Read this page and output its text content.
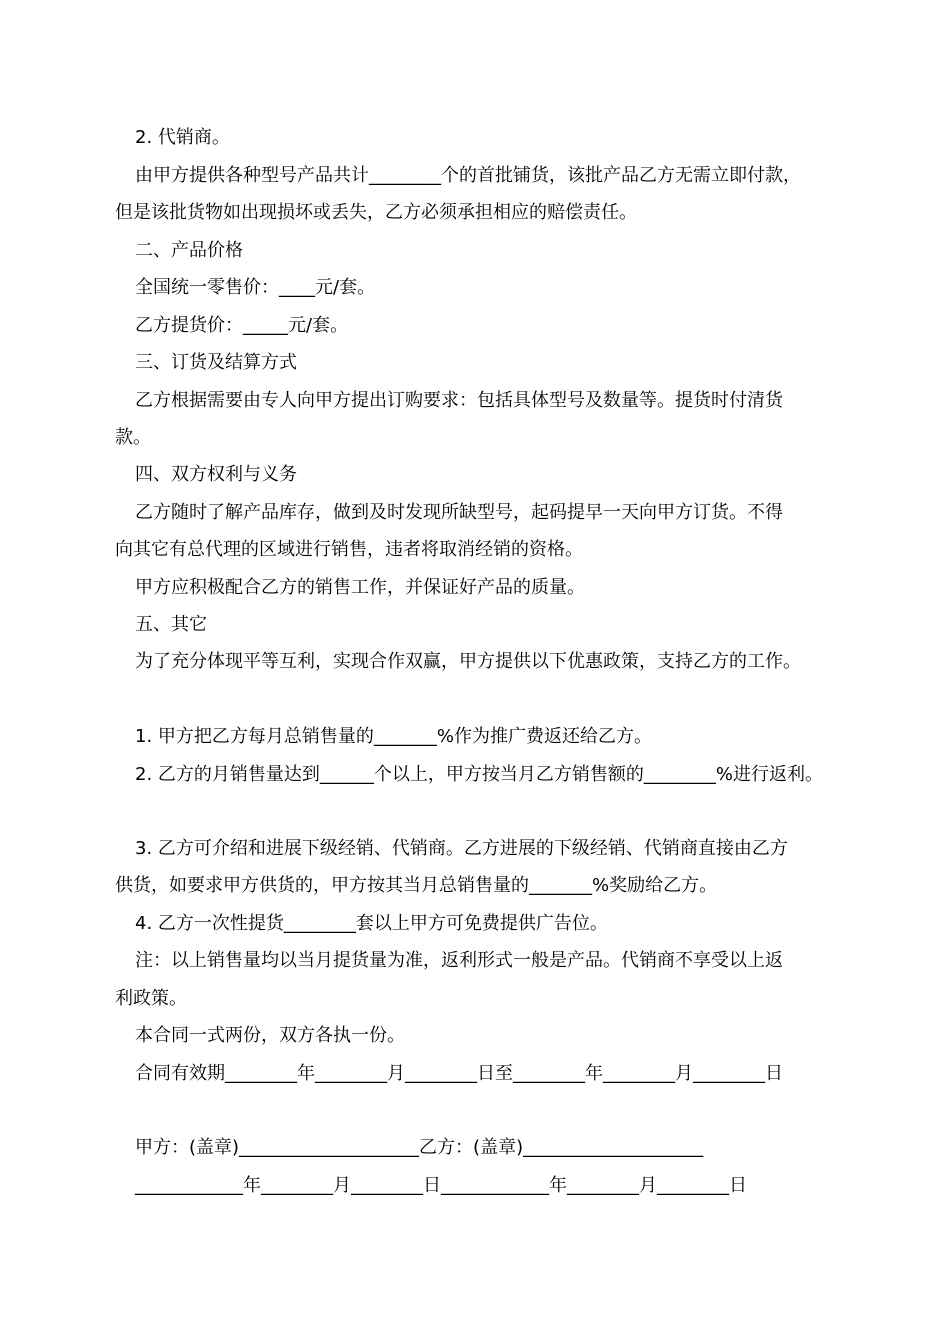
2. 代销商。
由甲方提供各种型号产品共计________个的首批铺货，该批产品乙方无需立即付款，
但是该批货物如出现损坏或丢失，乙方必须承担相应的赔偿责任。
二、产品价格
全国统一零售价：____元/套。
乙方提货价：_____元/套。
三、订货及结算方式
乙方根据需要由专人向甲方提出订购要求：包括具体型号及数量等。提货时付清货
款。
四、双方权利与义务
乙方随时了解产品库存，做到及时发现所缺型号，起码提早一天向甲方订货。不得
向其它有总代理的区域进行销售，违者将取消经销的资格。
甲方应积极配合乙方的销售工作，并保证好产品的质量。
五、其它
为了充分体现平等互利，实现合作双赢，甲方提供以下优惠政策，支持乙方的工作。
1. 甲方把乙方每月总销售量的_______%作为推广费返还给乙方。
2. 乙方的月销售量达到______个以上，甲方按当月乙方销售额的________%进行返利。
3. 乙方可介绍和进展下级经销、代销商。乙方进展的下级经销、代销商直接由乙方
供货，如要求甲方供货的，甲方按其当月总销售量的_______%奖励给乙方。
4. 乙方一次性提货________套以上甲方可免费提供广告位。
注：以上销售量均以当月提货量为准，返利形式一般是产品。代销商不享受以上返
利政策。
本合同一式两份，双方各执一份。
合同有效期________年________月________日至________年________月________日
甲方：(盖章)____________________乙方：(盖章)____________________
____________年________月________日____________年________月________日
